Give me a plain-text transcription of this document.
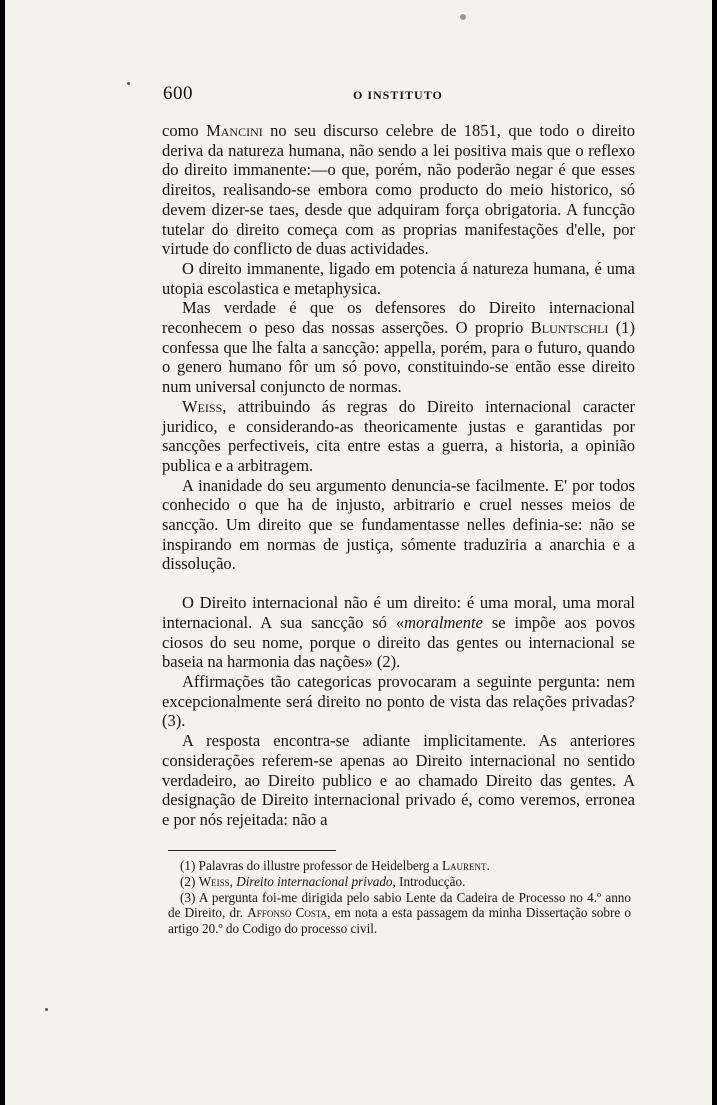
600	O INSTITUTO

como Mancini no seu discurso celebre de 1851, que todo o direito deriva da natureza humana, não sendo a lei positiva mais que o reflexo do direito immanente:—o que, porém, não poderão negar é que esses direitos, realisando-se embora como producto do meio historico, só devem dizer-se taes, desde que adquiram força obrigatoria. A funcção tutelar do direito começa com as proprias manifestações d'elle, por virtude do conflicto de duas actividades.

O direito immanente, ligado em potencia á natureza humana, é uma utopia escolastica e metaphysica.

Mas verdade é que os defensores do Direito internacional reconhecem o peso das nossas asserções. O proprio Bluntschli (1) confessa que lhe falta a sancção: appella, porém, para o futuro, quando o genero humano fôr um só povo, constituindo-se então esse direito num universal conjuncto de normas.

Weiss, attribuindo ás regras do Direito internacional caracter juridico, e considerando-as theoricamente justas e garantidas por sancções perfectiveis, cita entre estas a guerra, a historia, a opinião publica e a arbitragem.

A inanidade do seu argumento denuncia-se facilmente. E' por todos conhecido o que ha de injusto, arbitrario e cruel nesses meios de sancção. Um direito que se fundamentasse nelles definia-se: não se inspirando em normas de justiça, sómente traduziria a anarchia e a dissolução.

O Direito internacional não é um direito: é uma moral, uma moral internacional. A sua sancção só «moralmente se impõe aos povos ciosos do seu nome, porque o direito das gentes ou internacional se baseia na harmonia das nações» (2).

Affirmações tão categoricas provocaram a seguinte pergunta: nem excepcionalmente será direito no ponto de vista das relações privadas? (3).

A resposta encontra-se adiante implicitamente. As anteriores considerações referem-se apenas ao Direito internacional no sentido verdadeiro, ao Direito publico e ao chamado Direito das gentes. A designação de Direito internacional privado é, como veremos, erronea e por nós rejeitada: não a

(1) Palavras do illustre professor de Heidelberg a Laurent.

(2) Weiss, Direito internacional privado, Introducção.

(3) A pergunta foi-me dirigida pelo sabio Lente da Cadeira de Processo no 4.º anno de Direito, dr. Affonso Costa, em nota a esta passagem da minha Dissertação sobre o artigo 20.º do Codigo do processo civil.
